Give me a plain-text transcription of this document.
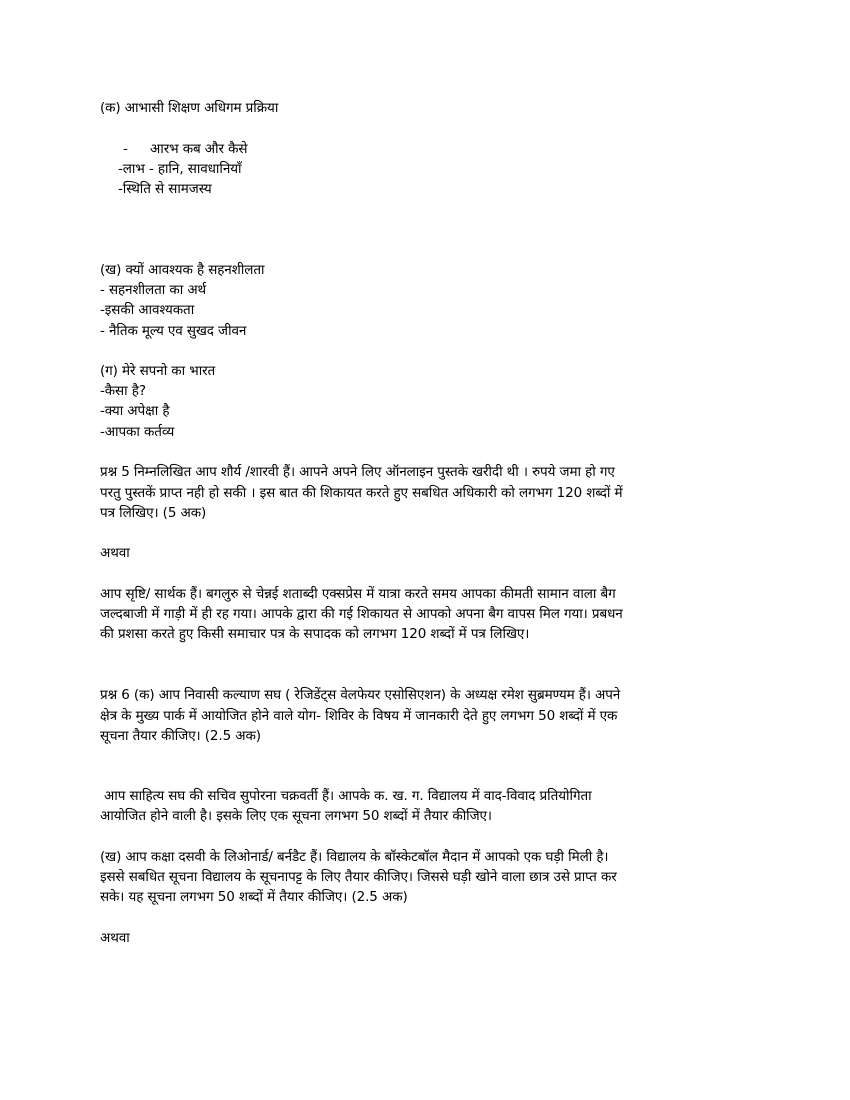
(क) आभासी शिक्षण अधिगम प्रक्रिया
- आरभ कब और कैसे
-लाभ - हानि, सावधानियाँ
-स्थिति से सामजस्य
(ख) क्यों आवश्यक है सहनशीलता
- सहनशीलता का अर्थ
-इसकी आवश्यकता
- नैतिक मूल्य एव सुखद जीवन
(ग) मेरे सपनो का भारत
-कैसा है?
-क्या अपेक्षा है
-आपका कर्तव्य
प्रश्न 5 निम्नलिखित आप शौर्य /शारवी हैं। आपने अपने लिए ऑनलाइन पुस्तके खरीदी थी । रुपये जमा हो गए
परतु पुस्तकें प्राप्त नही हो सकी । इस बात की शिकायत करते हुए सबधित अधिकारी को लगभग 120 शब्दों में
पत्र लिखिए। (5 अक)
अथवा
आप सृष्टि/ सार्थक हैं। बगलुरु से चेन्नई शताब्दी एक्सप्रेस में यात्रा करते समय आपका कीमती सामान वाला बैग
जल्दबाजी में गाड़ी में ही रह गया। आपके द्वारा की गई शिकायत से आपको अपना बैग वापस मिल गया। प्रबधन
की प्रशसा करते हुए किसी समाचार पत्र के सपादक को लगभग 120 शब्दों में पत्र लिखिए।
प्रश्न 6 (क) आप निवासी कल्याण सघ ( रेजिडेंट्स वेलफेयर एसोसिएशन) के अध्यक्ष रमेश सुब्रमण्यम हैं। अपने
क्षेत्र के मुख्य पार्क में आयोजित होने वाले योग- शिविर के विषय में जानकारी देते हुए लगभग 50 शब्दों में एक
सूचना तैयार कीजिए। (2.5 अक)
आप साहित्य सघ की सचिव सुपोरना चक्रवर्ती हैं। आपके क. ख. ग. विद्यालय में वाद-विवाद प्रतियोगिता
आयोजित होने वाली है। इसके लिए एक सूचना लगभग 50 शब्दों में तैयार कीजिए।
(ख) आप कक्षा दसवी के लिओनार्ड/ बर्नडैट हैं। विद्यालय के बॉस्केटबॉल मैदान में आपको एक घड़ी मिली है।
इससे सबधित सूचना विद्यालय के सूचनापट्ट के लिए तैयार कीजिए। जिससे घड़ी खोने वाला छात्र उसे प्राप्त कर
सके। यह सूचना लगभग 50 शब्दों में तैयार कीजिए। (2.5 अक)
अथवा
